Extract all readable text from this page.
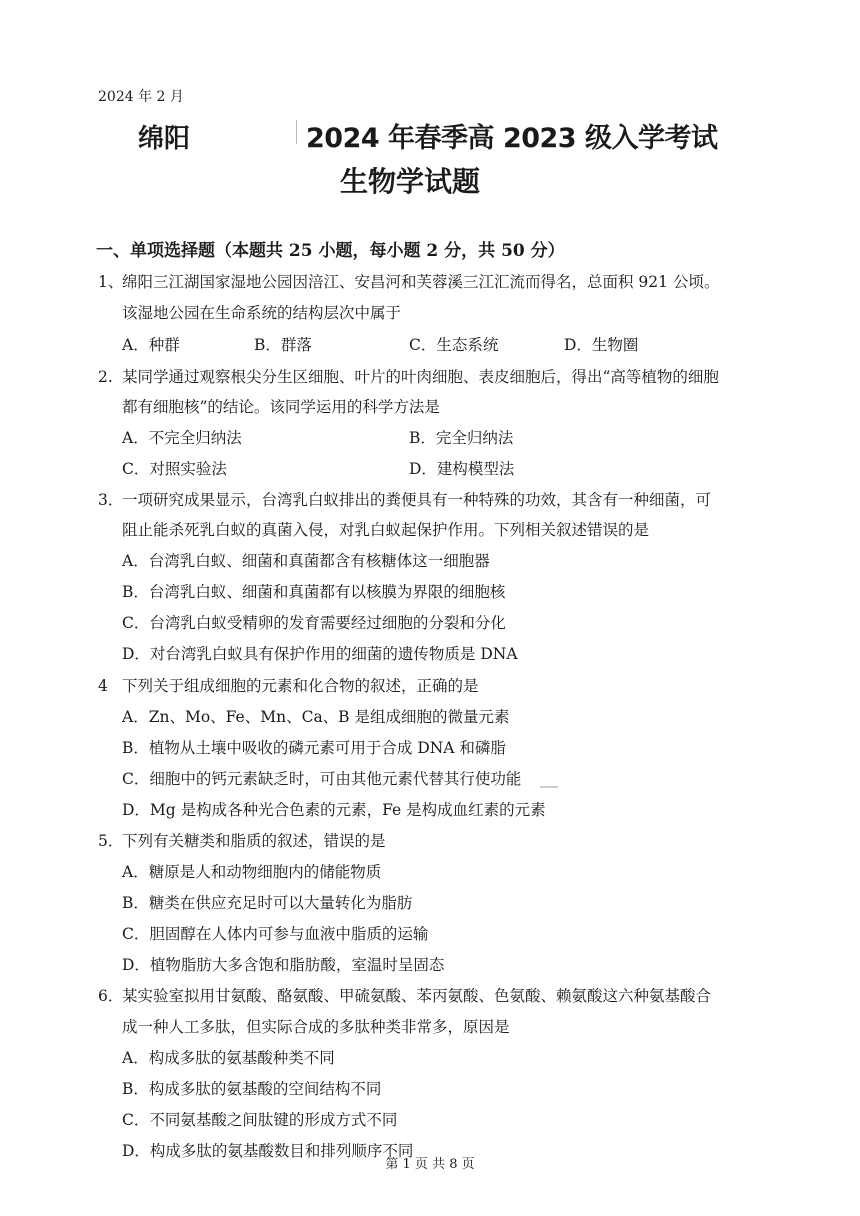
2024 年 2 月
绵阳	2024 年春季高 2023 级入学考试
生物学试题
一、单项选择题（本题共 25 小题，每小题 2 分，共 50 分）
1、绵阳三江湖国家湿地公园因涪江、安昌河和芙蓉溪三江汇流而得名，总面积 921 公顷。
该湿地公园在生命系统的结构层次中属于
A．种群	B．群落	C．生态系统	D．生物圈
2. 某同学通过观察根尖分生区细胞、叶片的叶肉细胞、表皮细胞后，得出“高等植物的细胞
都有细胞核”的结论。该同学运用的科学方法是
A．不完全归纳法	B．完全归纳法
C．对照实验法	D．建构模型法
3．一项研究成果显示，台湾乳白蚁排出的粪便具有一种特殊的功效，其含有一种细菌，可
阻止能杀死乳白蚁的真菌入侵，对乳白蚁起保护作用。下列相关叙述错误的是
A．台湾乳白蚁、细菌和真菌都含有核糖体这一细胞器
B．台湾乳白蚁、细菌和真菌都有以核膜为界限的细胞核
C．台湾乳白蚁受精卵的发育需要经过细胞的分裂和分化
D．对台湾乳白蚁具有保护作用的细菌的遗传物质是 DNA
4 下列关于组成细胞的元素和化合物的叙述，正确的是
A．Zn、Mo、Fe、Mn、Ca、B 是组成细胞的微量元素
B．植物从土壤中吸收的磷元素可用于合成 DNA 和磷脂
C．细胞中的钙元素缺乏时，可由其他元素代替其行使功能
D．Mg 是构成各种光合色素的元素，Fe 是构成血红素的元素
5．下列有关糖类和脂质的叙述，错误的是
A．糖原是人和动物细胞内的储能物质
B．糖类在供应充足时可以大量转化为脂肪
C．胆固醇在人体内可参与血液中脂质的运输
D．植物脂肪大多含饱和脂肪酸，室温时呈固态
6．某实验室拟用甘氨酸、酪氨酸、甲硫氨酸、苯丙氨酸、色氨酸、赖氨酸这六种氨基酸合
成一种人工多肽，但实际合成的多肽种类非常多，原因是
A．构成多肽的氨基酸种类不同
B．构成多肽的氨基酸的空间结构不同
C．不同氨基酸之间肽键的形成方式不同
D．构成多肽的氨基酸数目和排列顺序不同
第 1 页 共 8 页
